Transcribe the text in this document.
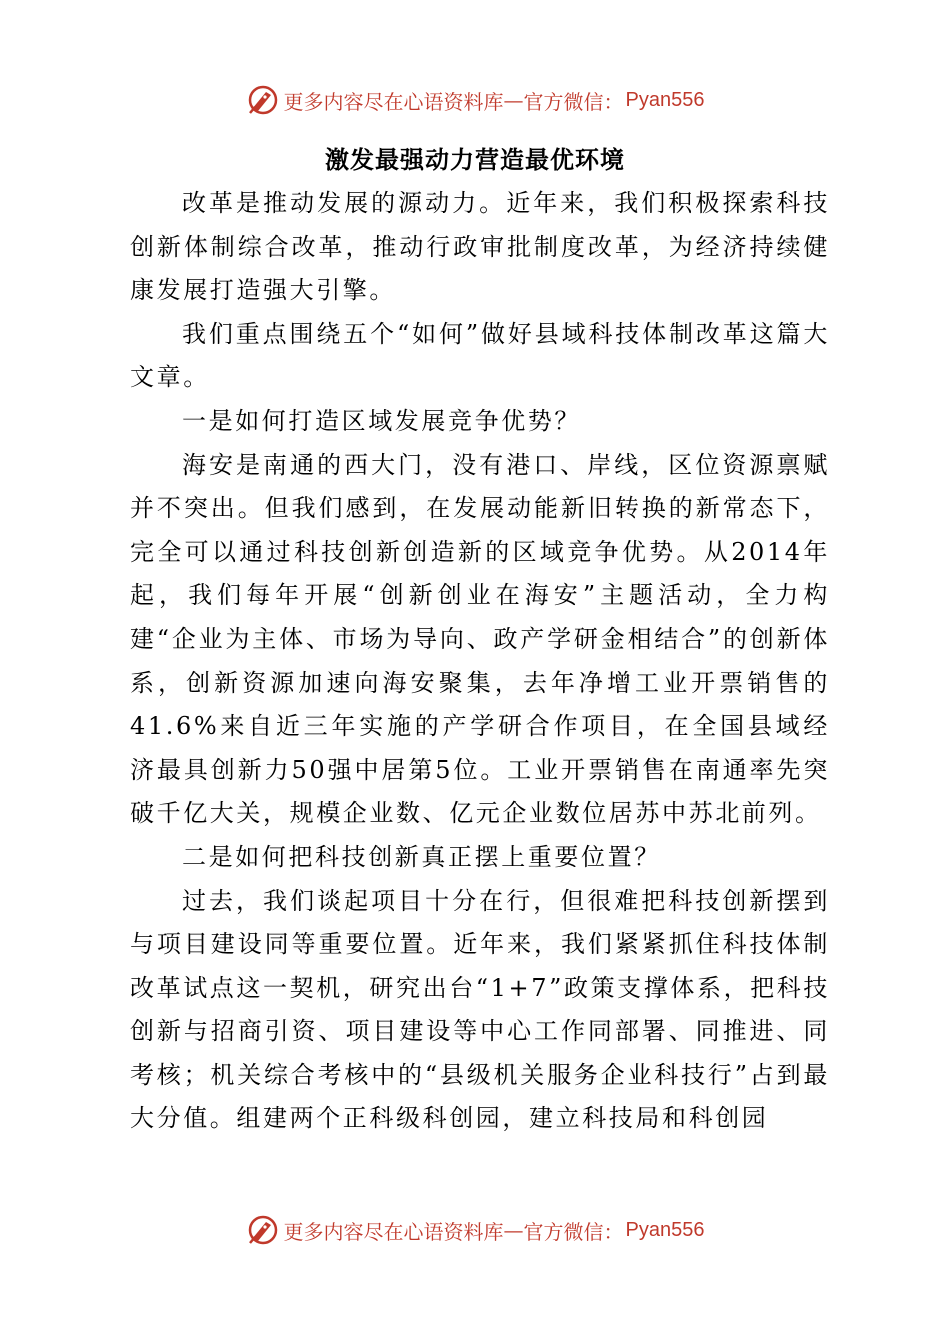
更多内容尽在心语资料库 — 官方微信： Pyan556
激发最强动力营造最优环境

改革是推动发展的源动力。近年来，我们积极探索科技创新体制综合改革，推动行政审批制度改革，为经济持续健康发展打造强大引擎。

我们重点围绕五个“如何”做好县域科技体制改革这篇大文章。

一是如何打造区域发展竞争优势？

海安是南通的西大门，没有港口、岸线，区位资源禀赋并不突出。但我们感到，在发展动能新旧转换的新常态下，完全可以通过科技创新创造新的区域竞争优势。从2014年起，我们每年开展“创新创业在海安”主题活动，全力构建“企业为主体、市场为导向、政产学研金相结合”的创新体系，创新资源加速向海安聚集，去年净增工业开票销售的41.6%来自近三年实施的产学研合作项目，在全国县域经济最具创新力50强中居第5位。工业开票销售在南通率先突破千亿大关，规模企业数、亿元企业数位居苏中苏北前列。

二是如何把科技创新真正摆上重要位置？

过去，我们谈起项目十分在行，但很难把科技创新摆到与项目建设同等重要位置。近年来，我们紧紧抓住科技体制改革试点这一契机，研究出台“1+7”政策支撑体系，把科技创新与招商引资、项目建设等中心工作同部署、同推进、同考核；机关综合考核中的“县级机关服务企业科技行”占到最大分值。组建两个正科级科创园，建立科技局和科创园

更多内容尽在心语资料库 — 官方微信： Pyan556
